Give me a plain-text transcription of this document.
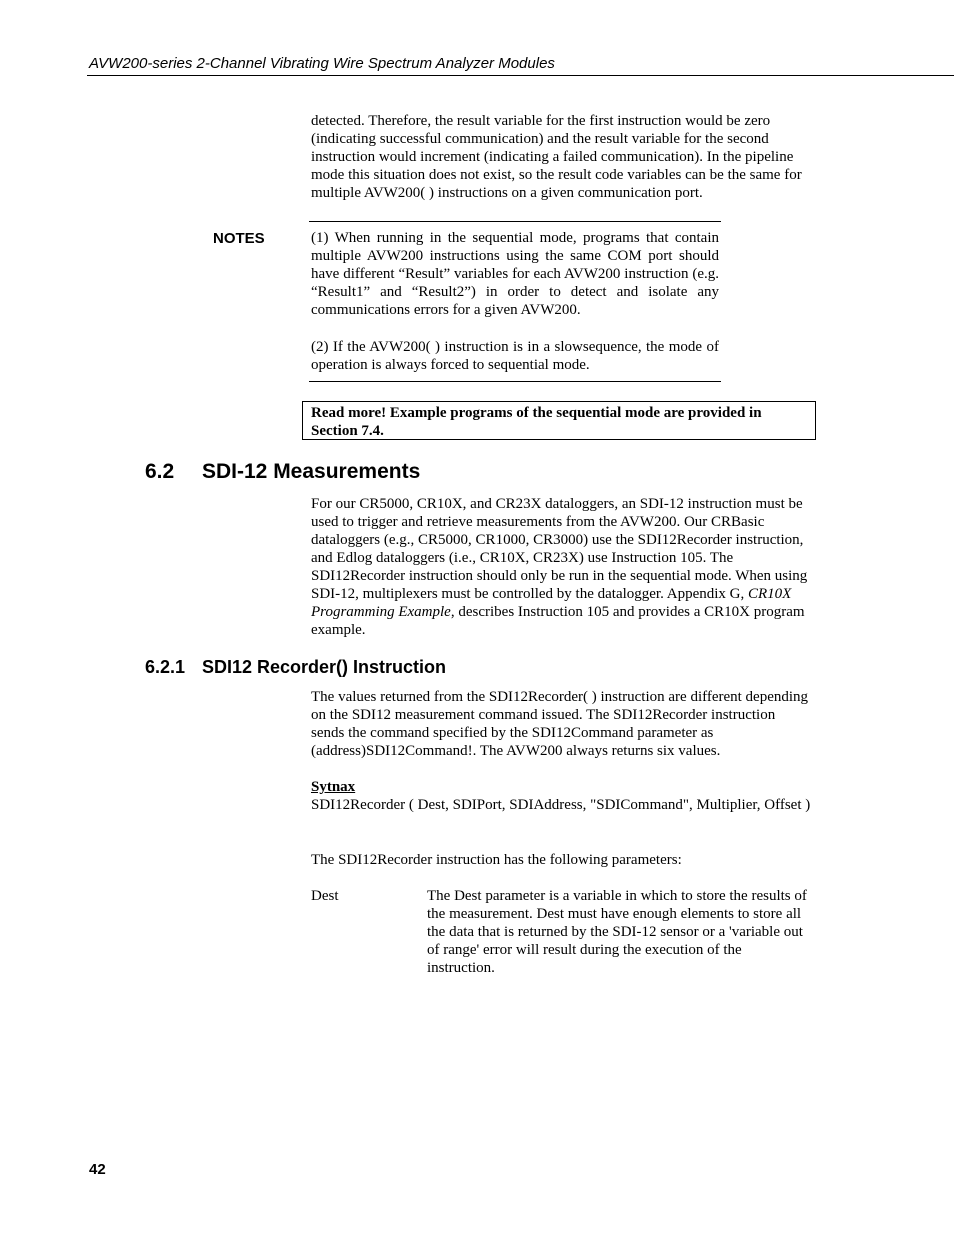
AVW200-series 2-Channel Vibrating Wire Spectrum Analyzer Modules
detected. Therefore, the result variable for the first instruction would be zero (indicating successful communication) and the result variable for the second instruction would increment (indicating a failed communication). In the pipeline mode this situation does not exist, so the result code variables can be the same for multiple AVW200( ) instructions on a given communication port.
NOTES	(1) When running in the sequential mode, programs that contain multiple AVW200 instructions using the same COM port should have different “Result” variables for each AVW200 instruction (e.g. “Result1” and “Result2”) in order to detect and isolate any communications errors for a given AVW200.
(2) If the AVW200( ) instruction is in a slowsequence, the mode of operation is always forced to sequential mode.
Read more! Example programs of the sequential mode are provided in Section 7.4.
6.2 SDI-12 Measurements
For our CR5000, CR10X, and CR23X dataloggers, an SDI-12 instruction must be used to trigger and retrieve measurements from the AVW200. Our CRBasic dataloggers (e.g., CR5000, CR1000, CR3000) use the SDI12Recorder instruction, and Edlog dataloggers (i.e., CR10X, CR23X) use Instruction 105. The SDI12Recorder instruction should only be run in the sequential mode. When using SDI-12, multiplexers must be controlled by the datalogger. Appendix G, CR10X Programming Example, describes Instruction 105 and provides a CR10X program example.
6.2.1 SDI12 Recorder() Instruction
The values returned from the SDI12Recorder( ) instruction are different depending on the SDI12 measurement command issued. The SDI12Recorder instruction sends the command specified by the SDI12Command parameter as (address)SDI12Command!. The AVW200 always returns six values.
Sytnax
SDI12Recorder ( Dest, SDIPort, SDIAddress, "SDICommand", Multiplier, Offset )
The SDI12Recorder instruction has the following parameters:
Dest	The Dest parameter is a variable in which to store the results of the measurement. Dest must have enough elements to store all the data that is returned by the SDI-12 sensor or a 'variable out of range' error will result during the execution of the instruction.
42
